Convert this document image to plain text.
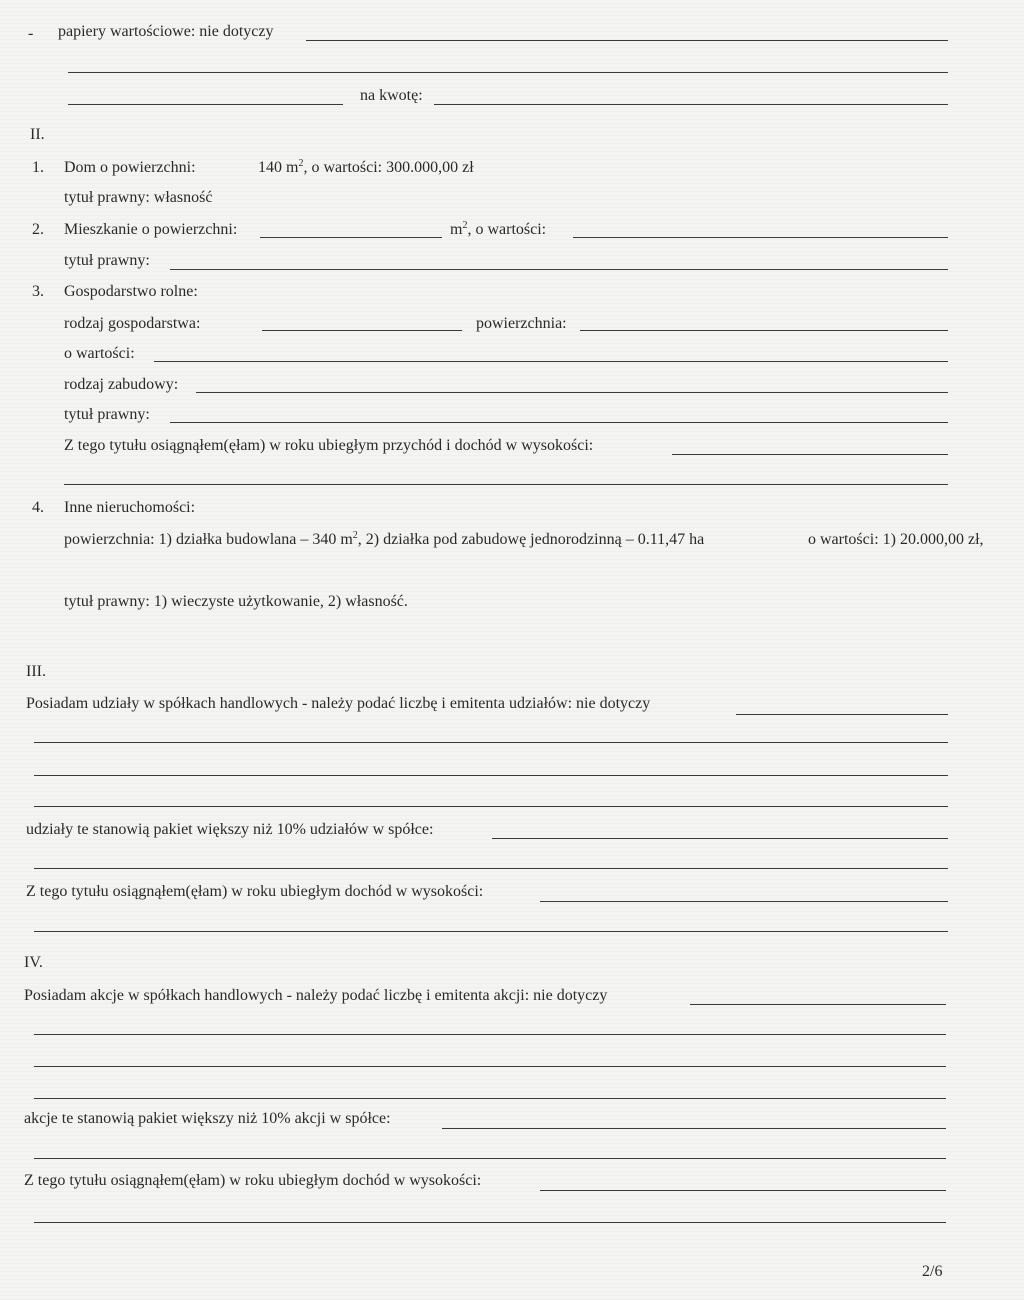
- papiery wartościowe: nie dotyczy
na kwotę:
II.
1. Dom o powierzchni:	140 $m^2$, o wartości: 300.000,00 zł
tytuł prawny: własność
2. Mieszkanie o powierzchni:	$m^2$, o wartości:
tytuł prawny:
3. Gospodarstwo rolne:
rodzaj gospodarstwa:	powierzchnia:
o wartości:
rodzaj zabudowy:
tytuł prawny:
Z tego tytułu osiągnąłem(ęłam) w roku ubiegłym przychód i dochód w wysokości:
4. Inne nieruchomości:
powierzchnia: 1) działka budowlana – 340 $m^2$, 2) działka pod zabudowę jednorodzinną – 0.11,47 ha	o wartości: 1) 20.000,00 zł,
tytuł prawny: 1) wieczyste użytkowanie, 2) własność.
III.
Posiadam udziały w spółkach handlowych - należy podać liczbę i emitenta udziałów: nie dotyczy
udziały te stanowią pakiet większy niż 10% udziałów w spółce:
Z tego tytułu osiągnąłem(ęłam) w roku ubiegłym dochód w wysokości:
IV.
Posiadam akcje w spółkach handlowych - należy podać liczbę i emitenta akcji: nie dotyczy
akcje te stanowią pakiet większy niż 10% akcji w spółce:
Z tego tytułu osiągnąłem(ęłam) w roku ubiegłym dochód w wysokości:
2/6
